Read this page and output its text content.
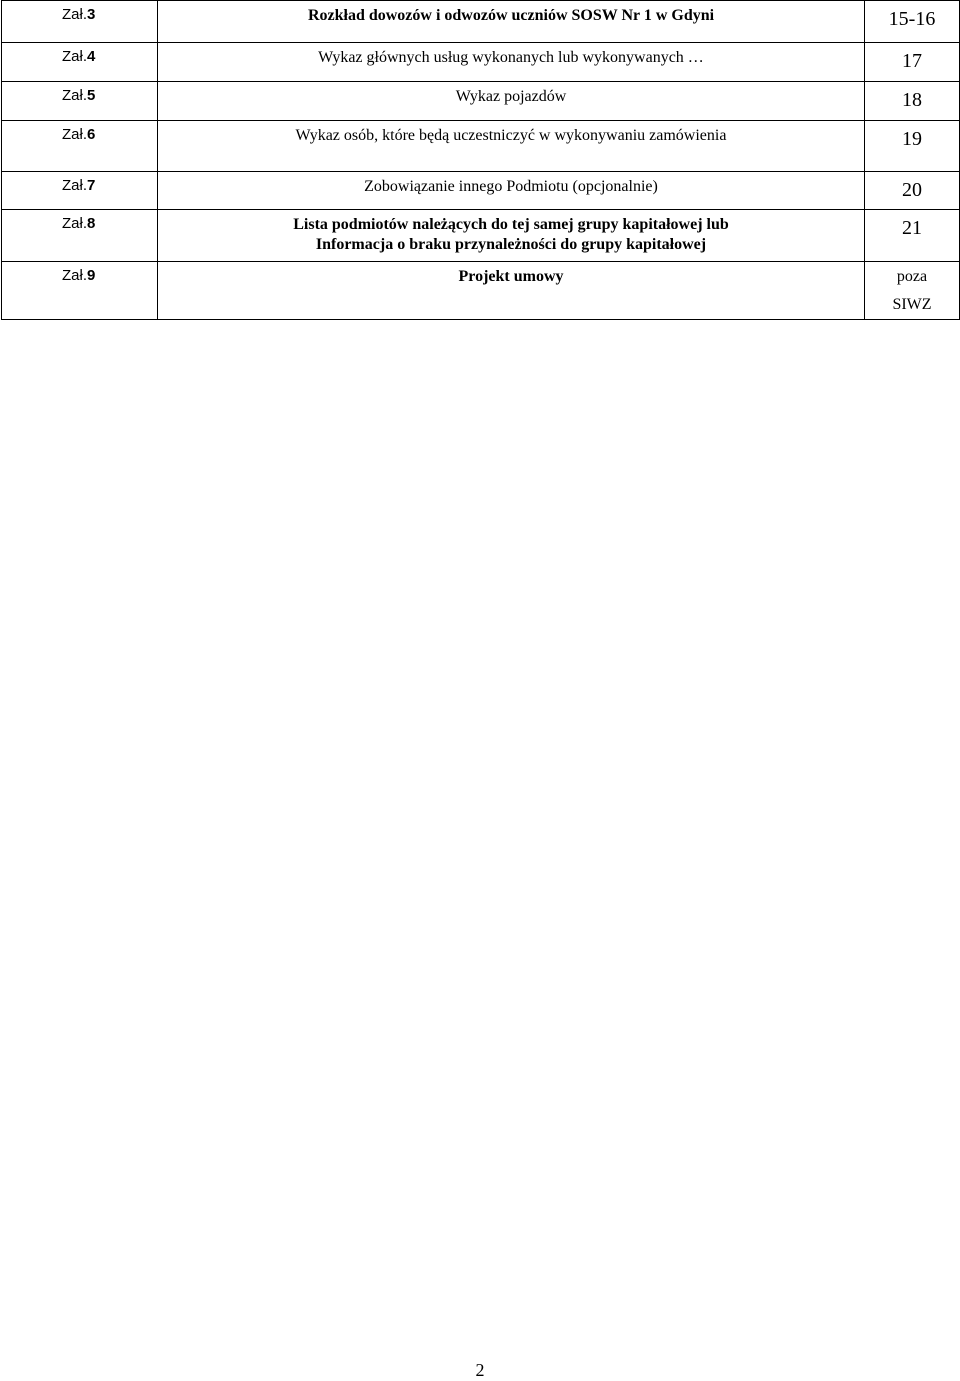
Zał.3	Rozkład dowozów i odwozów uczniów SOSW Nr 1 w Gdyni	15-16

Zał.4	Wykaz głównych usług wykonanych lub wykonywanych …	17

Zał.5	Wykaz pojazdów	18

Zał.6	Wykaz osób, które będą uczestniczyć w wykonywaniu zamówienia	19

Zał.7	Zobowiązanie innego Podmiotu (opcjonalnie)	20

Zał.8	Lista podmiotów należących do tej samej grupy kapitałowej lub
Informacja o braku przynależności do grupy kapitałowej	21

Zał.9	Projekt umowy	poza
SIWZ
2
